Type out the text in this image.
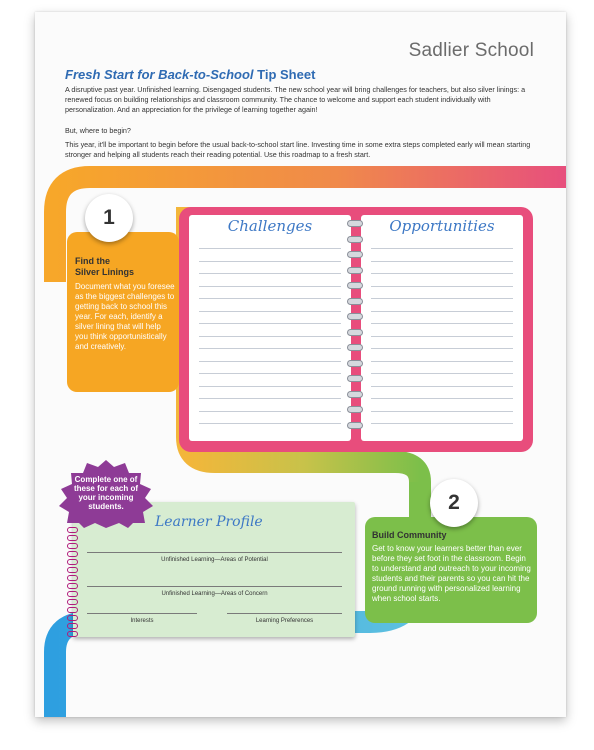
Sadlier School
Fresh Start for Back-to-School Tip Sheet
A disruptive past year. Unfinished learning. Disengaged students. The new school year will bring challenges for teachers, but also silver linings: a renewed focus on building relationships and classroom community. The chance to welcome and support each student individually with personalization. And an appreciation for the privilege of learning together again!
But, where to begin?
This year, it'll be important to begin before the usual back-to-school start line. Investing time in some extra steps completed early will mean starting stronger and helping all students reach their reading potential. Use this roadmap to a fresh start.
1
Find the
Silver Linings
Document what you foresee as the biggest challenges to getting back to school this year. For each, identify a silver lining that will help you think opportunistically and creatively.
Challenges	Opportunities
Learner Profile
Unfinished Learning—Areas of Potential
Unfinished Learning—Areas of Concern
Interests	Learning Preferences
Complete one of these for each of your incoming students.	2
Build Community
Get to know your learners better than ever before they set foot in the classroom. Begin to understand and outreach to your incoming students and their parents so you can hit the ground running with personalized learning when school starts.
